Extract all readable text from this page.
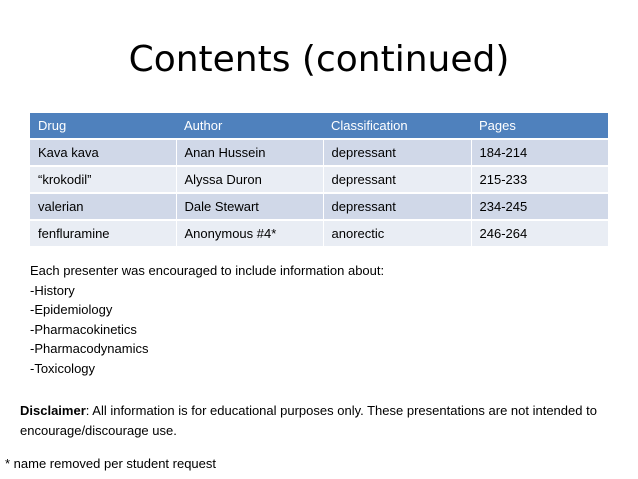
Contents (continued)
Drug	Author	Classification	Pages
Kava kava	Anan Hussein	depressant	184-214
“krokodil”	Alyssa Duron	depressant	215-233
valerian	Dale Stewart	depressant	234-245
fenfluramine	Anonymous #4*	anorectic	246-264
Each presenter was encouraged to include information about:
-History
-Epidemiology
-Pharmacokinetics
-Pharmacodynamics
-Toxicology
Disclaimer: All information is for educational purposes only. These presentations are not intended to encourage/discourage use.
* name removed per student request
